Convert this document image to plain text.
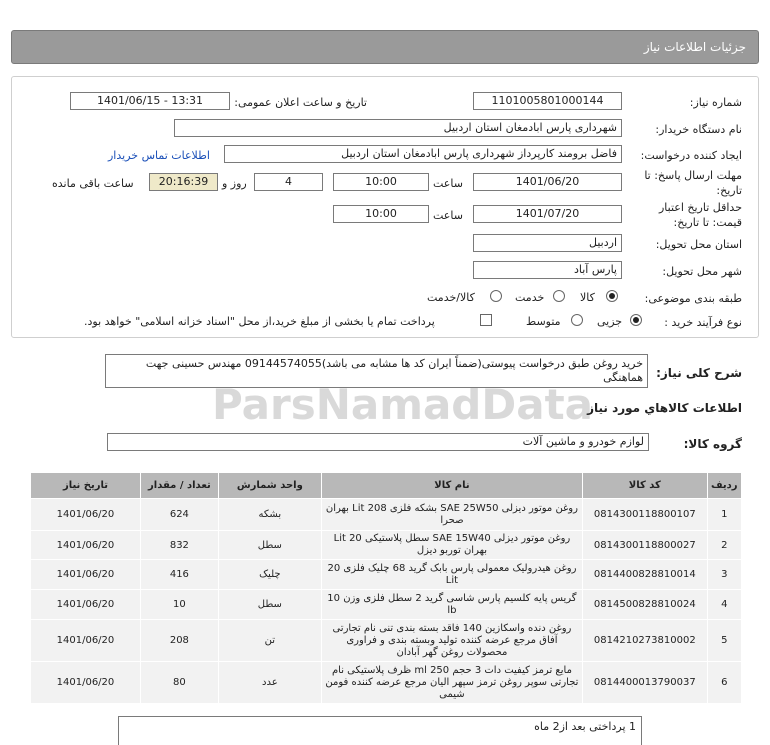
جزئیات اطلاعات نیاز
ParsNamadData
شماره نیاز:
1101005801000144
تاریخ و ساعت اعلان عمومی:
1401/06/15 - 13:31
نام دستگاه خریدار:
شهرداری پارس ابادمغان استان اردبیل
ایجاد کننده درخواست:
فاضل برومند کارپرداز شهرداری پارس ابادمغان استان اردبیل
اطلاعات تماس خریدار
مهلت ارسال پاسخ: تا
تاریخ:
1401/06/20
ساعت
10:00
4
روز و
20:16:39
ساعت باقی مانده
حداقل تاریخ اعتبار
قیمت: تا تاریخ:
1401/07/20
ساعت
10:00
استان محل تحویل:
اردبیل
شهر محل تحویل:
پارس آباد
طبقه بندی موضوعی:
کالا
خدمت
کالا/خدمت
نوع فرآیند خرید :
جزیی
متوسط
پرداخت تمام یا بخشی از مبلغ خرید،از محل "اسناد خزانه اسلامی" خواهد بود.
شرح کلی نیاز:
خرید روغن طبق درخواست پیوستی(ضمناً ایران کد ها مشابه می باشد)09144574055 مهندس حسینی جهت هماهنگی
اطلاعات کالاهاي مورد نياز
گروه کالا:
لوازم خودرو و ماشین آلات
تاریخ نیاز	تعداد / مقدار	واحد شمارش	نام کالا	کد کالا	ردیف
1401/06/20	624	بشکه	روغن موتور دیزلی SAE 25W50 بشکه فلزی Lit 208 بهران صحرا	0814300118800107	1
1401/06/20	832	سطل	روغن موتور دیزلی SAE 15W40 سطل پلاستیکی Lit 20 بهران توربو دیزل	0814300118800027	2
1401/06/20	416	چلیک	روغن هیدرولیک معمولی پارس بابک گرید 68 چلیک فلزی 20 Lit	0814400828810014	3
1401/06/20	10	سطل	گریس پایه کلسیم پارس شاسی گرید 2 سطل فلزی وزن 10 lb	0814500828810024	4
1401/06/20	208	تن	روغن دنده واسکازین 140 فاقد بسته بندی تنی نام تجارتی آفاق مرجع عرضه کننده تولید وبسته بندی و فراوری محصولات روغن گهر آبادان	0814210273810002	5
1401/06/20	80	عدد	مایع ترمز کیفیت دات 3 حجم ml 250 ظرف پلاستیکی نام تجارتی سوپر روغن ترمز سپهر الیان مرجع عرضه کننده فومن شیمی	0814400013790037	6
1 پرداختی بعد از2 ماه
